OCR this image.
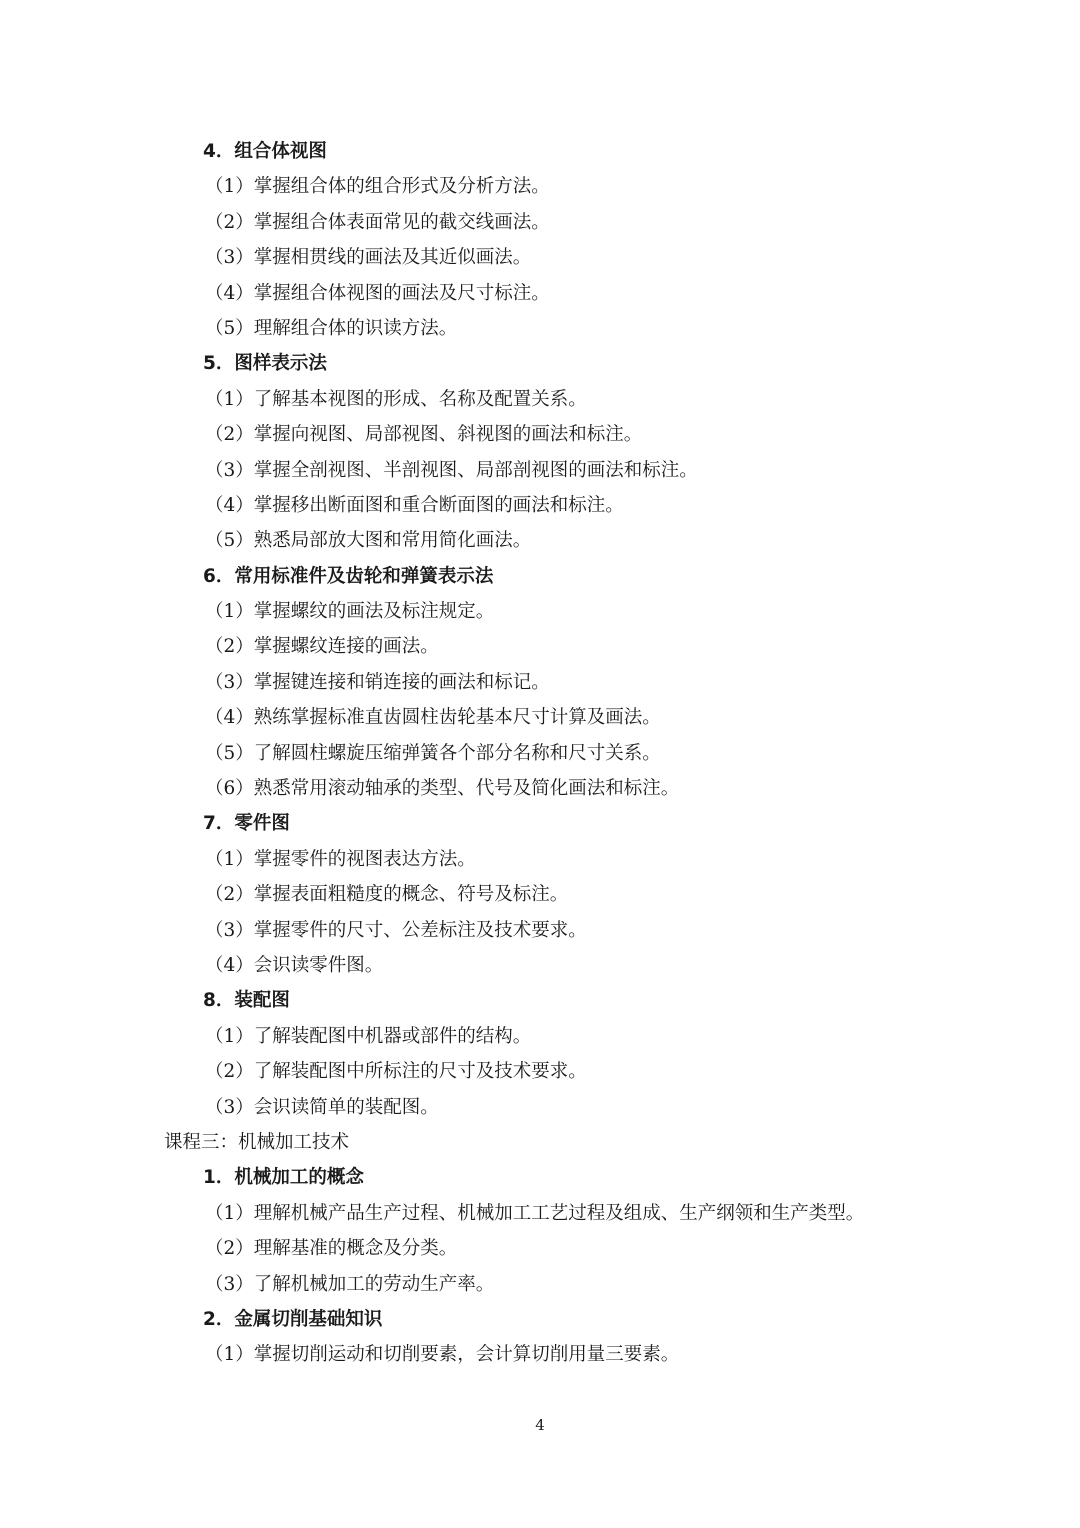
4．组合体视图
（1）掌握组合体的组合形式及分析方法。
（2）掌握组合体表面常见的截交线画法。
（3）掌握相贯线的画法及其近似画法。
（4）掌握组合体视图的画法及尺寸标注。
（5）理解组合体的识读方法。
5．图样表示法
（1）了解基本视图的形成、名称及配置关系。
（2）掌握向视图、局部视图、斜视图的画法和标注。
（3）掌握全剖视图、半剖视图、局部剖视图的画法和标注。
（4）掌握移出断面图和重合断面图的画法和标注。
（5）熟悉局部放大图和常用简化画法。
6．常用标准件及齿轮和弹簧表示法
（1）掌握螺纹的画法及标注规定。
（2）掌握螺纹连接的画法。
（3）掌握键连接和销连接的画法和标记。
（4）熟练掌握标准直齿圆柱齿轮基本尺寸计算及画法。
（5）了解圆柱螺旋压缩弹簧各个部分名称和尺寸关系。
（6）熟悉常用滚动轴承的类型、代号及简化画法和标注。
7．零件图
（1）掌握零件的视图表达方法。
（2）掌握表面粗糙度的概念、符号及标注。
（3）掌握零件的尺寸、公差标注及技术要求。
（4）会识读零件图。
8．装配图
（1）了解装配图中机器或部件的结构。
（2）了解装配图中所标注的尺寸及技术要求。
（3）会识读简单的装配图。
课程三：机械加工技术
1．机械加工的概念
（1）理解机械产品生产过程、机械加工工艺过程及组成、生产纲领和生产类型。
（2）理解基准的概念及分类。
（3）了解机械加工的劳动生产率。
2．金属切削基础知识
（1）掌握切削运动和切削要素，会计算切削用量三要素。
4
